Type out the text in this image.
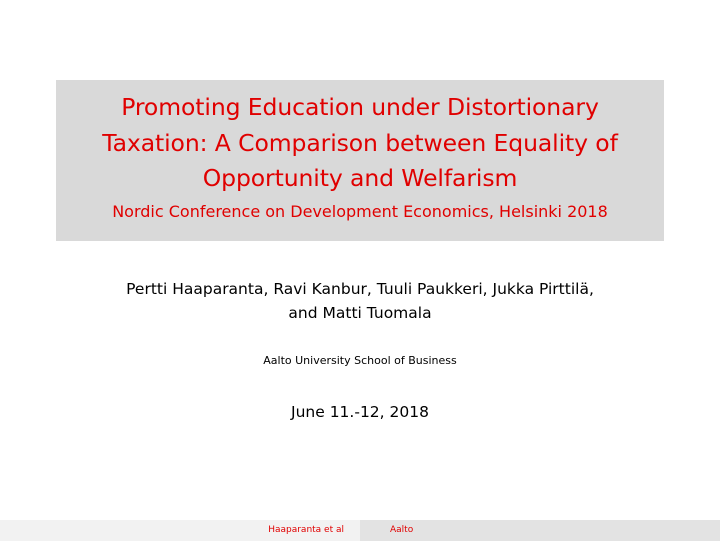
Promoting Education under Distortionary
Taxation: A Comparison between Equality of
Opportunity and Welfarism
Nordic Conference on Development Economics, Helsinki 2018
Pertti Haaparanta, Ravi Kanbur, Tuuli Paukkeri, Jukka Pirttilä,
and Matti Tuomala
Aalto University School of Business
June 11.-12, 2018
Haaparanta et al	Aalto
